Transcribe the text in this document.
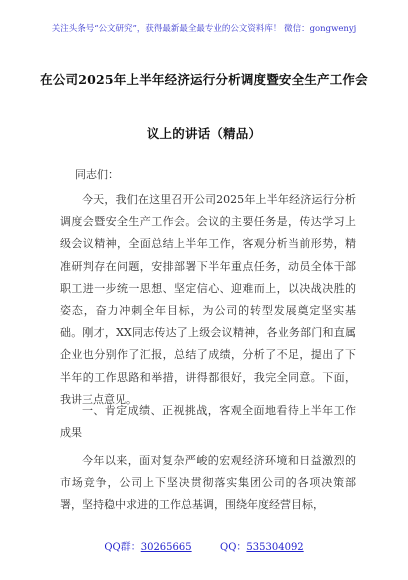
关注头条号“公文研究”，获得最新最全最专业的公文资料库！ 微信：gongwenyj
在公司2025年上半年经济运行分析调度暨安全生产工作会
议上的讲话（精品）
同志们：

今天，我们在这里召开公司2025年上半年经济运行分析调度会暨安全生产工作会。会议的主要任务是，传达学习上级会议精神，全面总结上半年工作，客观分析当前形势，精准研判存在问题，安排部署下半年重点任务，动员全体干部职工进一步统一思想、坚定信心、迎难而上，以决战决胜的姿态，奋力冲刺全年目标，为公司的转型发展奠定坚实基础。刚才，XX同志传达了上级会议精神，各业务部门和直属企业也分别作了汇报，总结了成绩，分析了不足，提出了下半年的工作思路和举措，讲得都很好，我完全同意。下面，我讲三点意见。

一、肯定成绩、正视挑战，客观全面地看待上半年工作成果

今年以来，面对复杂严峻的宏观经济环境和日益激烈的市场竞争，公司上下坚决贯彻落实集团公司的各项决策部署，坚持稳中求进的工作总基调，围绕年度经营目标，

QQ群：30265665	QQ：535304092
